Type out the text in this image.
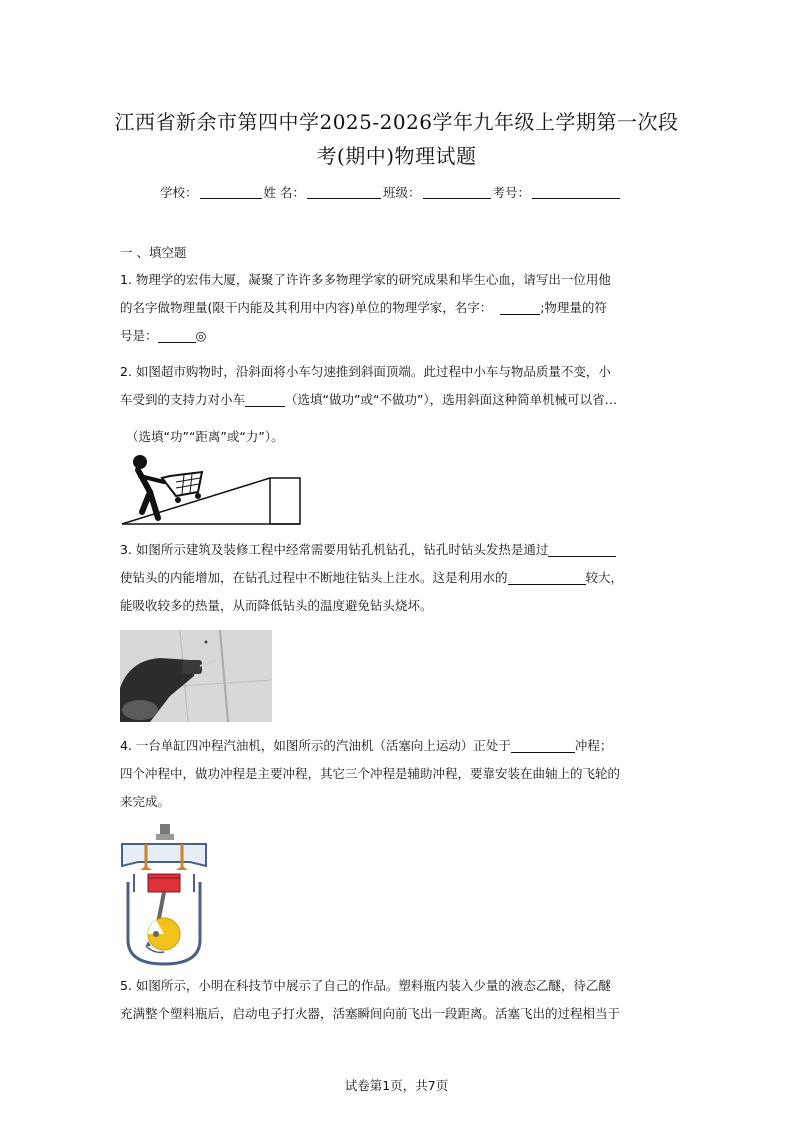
江西省新余市第四中学2025-2026学年九年级上学期第一次段
考(期中)物理试题
学校：	姓 名：	班级：	考号：
一 、填空题
1. 物理学的宏伟大厦，凝聚了许许多多物理学家的研究成果和毕生心血，请写出一位用他
的名字做物理量(限干内能及其利用中内容)单位的物理学家，名字：	;物理量的符
号是：	◎
2. 如图超市购物时，沿斜面将小车匀速推到斜面顶端。此过程中小车与物品质量不变，小
车受到的支持力对小车	（选填“做功”或“不做功”），选用斜面这种简单机械可以省…
（选填“功”“距离”或“力”）。
3. 如图所示建筑及装修工程中经常需要用钻孔机钻孔，钻孔时钻头发热是通过
使钻头的内能增加，在钻孔过程中不断地往钻头上注水。这是利用水的	较大，
能吸收较多的热量，从而降低钻头的温度避免钻头烧坏。
4. 一台单缸四冲程汽油机，如图所示的汽油机（活塞向上运动）正处于	冲程；
四个冲程中，做功冲程是主要冲程，其它三个冲程是辅助冲程，要靠安装在曲轴上的飞轮的
来完成。
5. 如图所示，小明在科技节中展示了自己的作品。塑料瓶内装入少量的液态乙醚，待乙醚
充满整个塑料瓶后，启动电子打火器，活塞瞬间向前飞出一段距离。活塞飞出的过程相当于
试卷第1页，共7页
